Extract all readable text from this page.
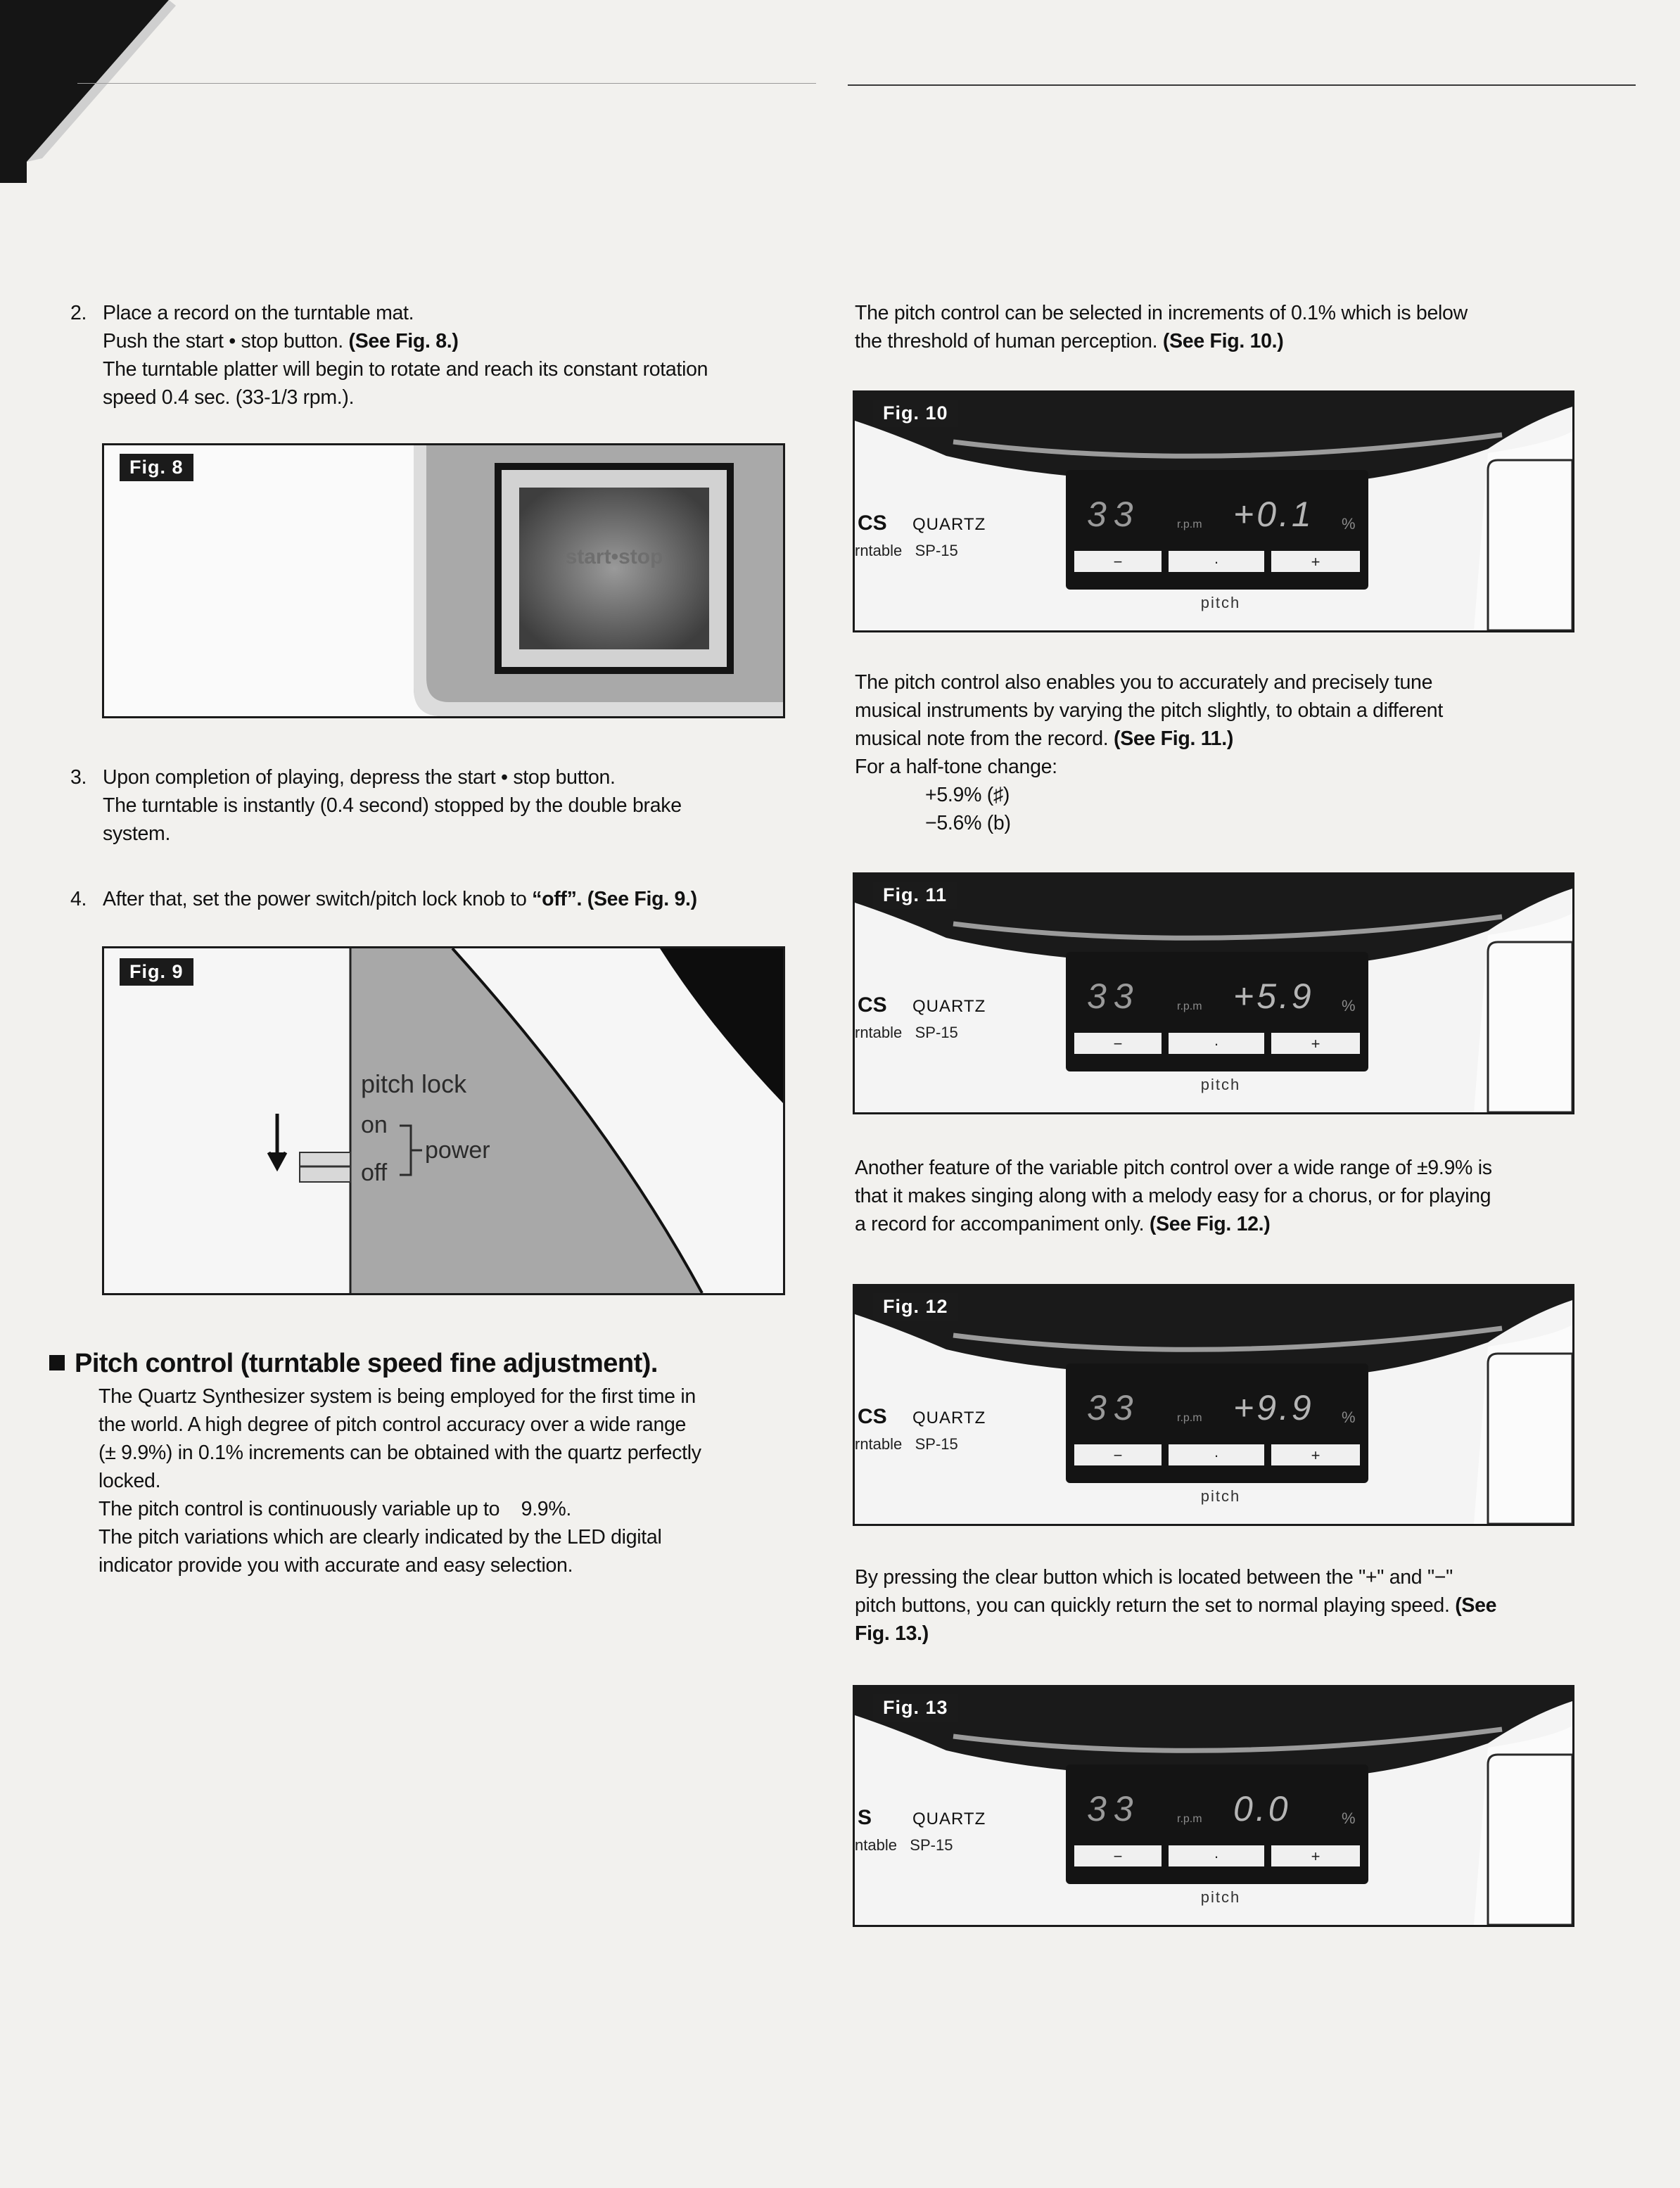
2. Place a record on the turntable mat.
Push the start • stop button. (See Fig. 8.)
The turntable platter will begin to rotate and reach its constant rotation
speed 0.4 sec. (33-1/3 rpm.).
Fig. 8
start•stop
3. Upon completion of playing, depress the start • stop button.
The turntable is instantly (0.4 second) stopped by the double brake
system.
4. After that, set the power switch/pitch lock knob to “off”. (See Fig. 9.)
Fig. 9
pitch lock
on
off
power
Pitch control (turntable speed fine adjustment).
The Quartz Synthesizer system is being employed for the first time in
the world. A high degree of pitch control accuracy over a wide range
(± 9.9%) in 0.1% increments can be obtained with the quartz perfectly
locked.
The pitch control is continuously variable up to    9.9%.
The pitch variations which are clearly indicated by the LED digital
indicator provide you with accurate and easy selection.
The pitch control can be selected in increments of 0.1% which is below
the threshold of human perception. (See Fig. 10.)
The pitch control also enables you to accurately and precisely tune
musical instruments by varying the pitch slightly, to obtain a different
musical note from the record. (See Fig. 11.)
For a half-tone change:
+5.9% (♯)
−5.6% (b)
Another feature of the variable pitch control over a wide range of ±9.9% is
that it makes singing along with a melody easy for a chorus, or for playing
a record for accompaniment only. (See Fig. 12.)
By pressing the clear button which is located between the "+" and "−"
pitch buttons, you can quickly return the set to normal playing speed. (See
Fig. 13.)
Fig. 10
33	r.p.m +0.1 %
−	·	+
pitch
CS QUARTZ
rntable   SP-15
Fig. 11
33	r.p.m +5.9 %
−	·	+
pitch
CS QUARTZ
rntable   SP-15
Fig. 12
33	r.p.m +9.9 %
−	·	+
pitch
CS QUARTZ
rntable   SP-15
Fig. 13
33	r.p.m 0.0	%
−	·	+
pitch
S QUARTZ
ntable   SP-15
